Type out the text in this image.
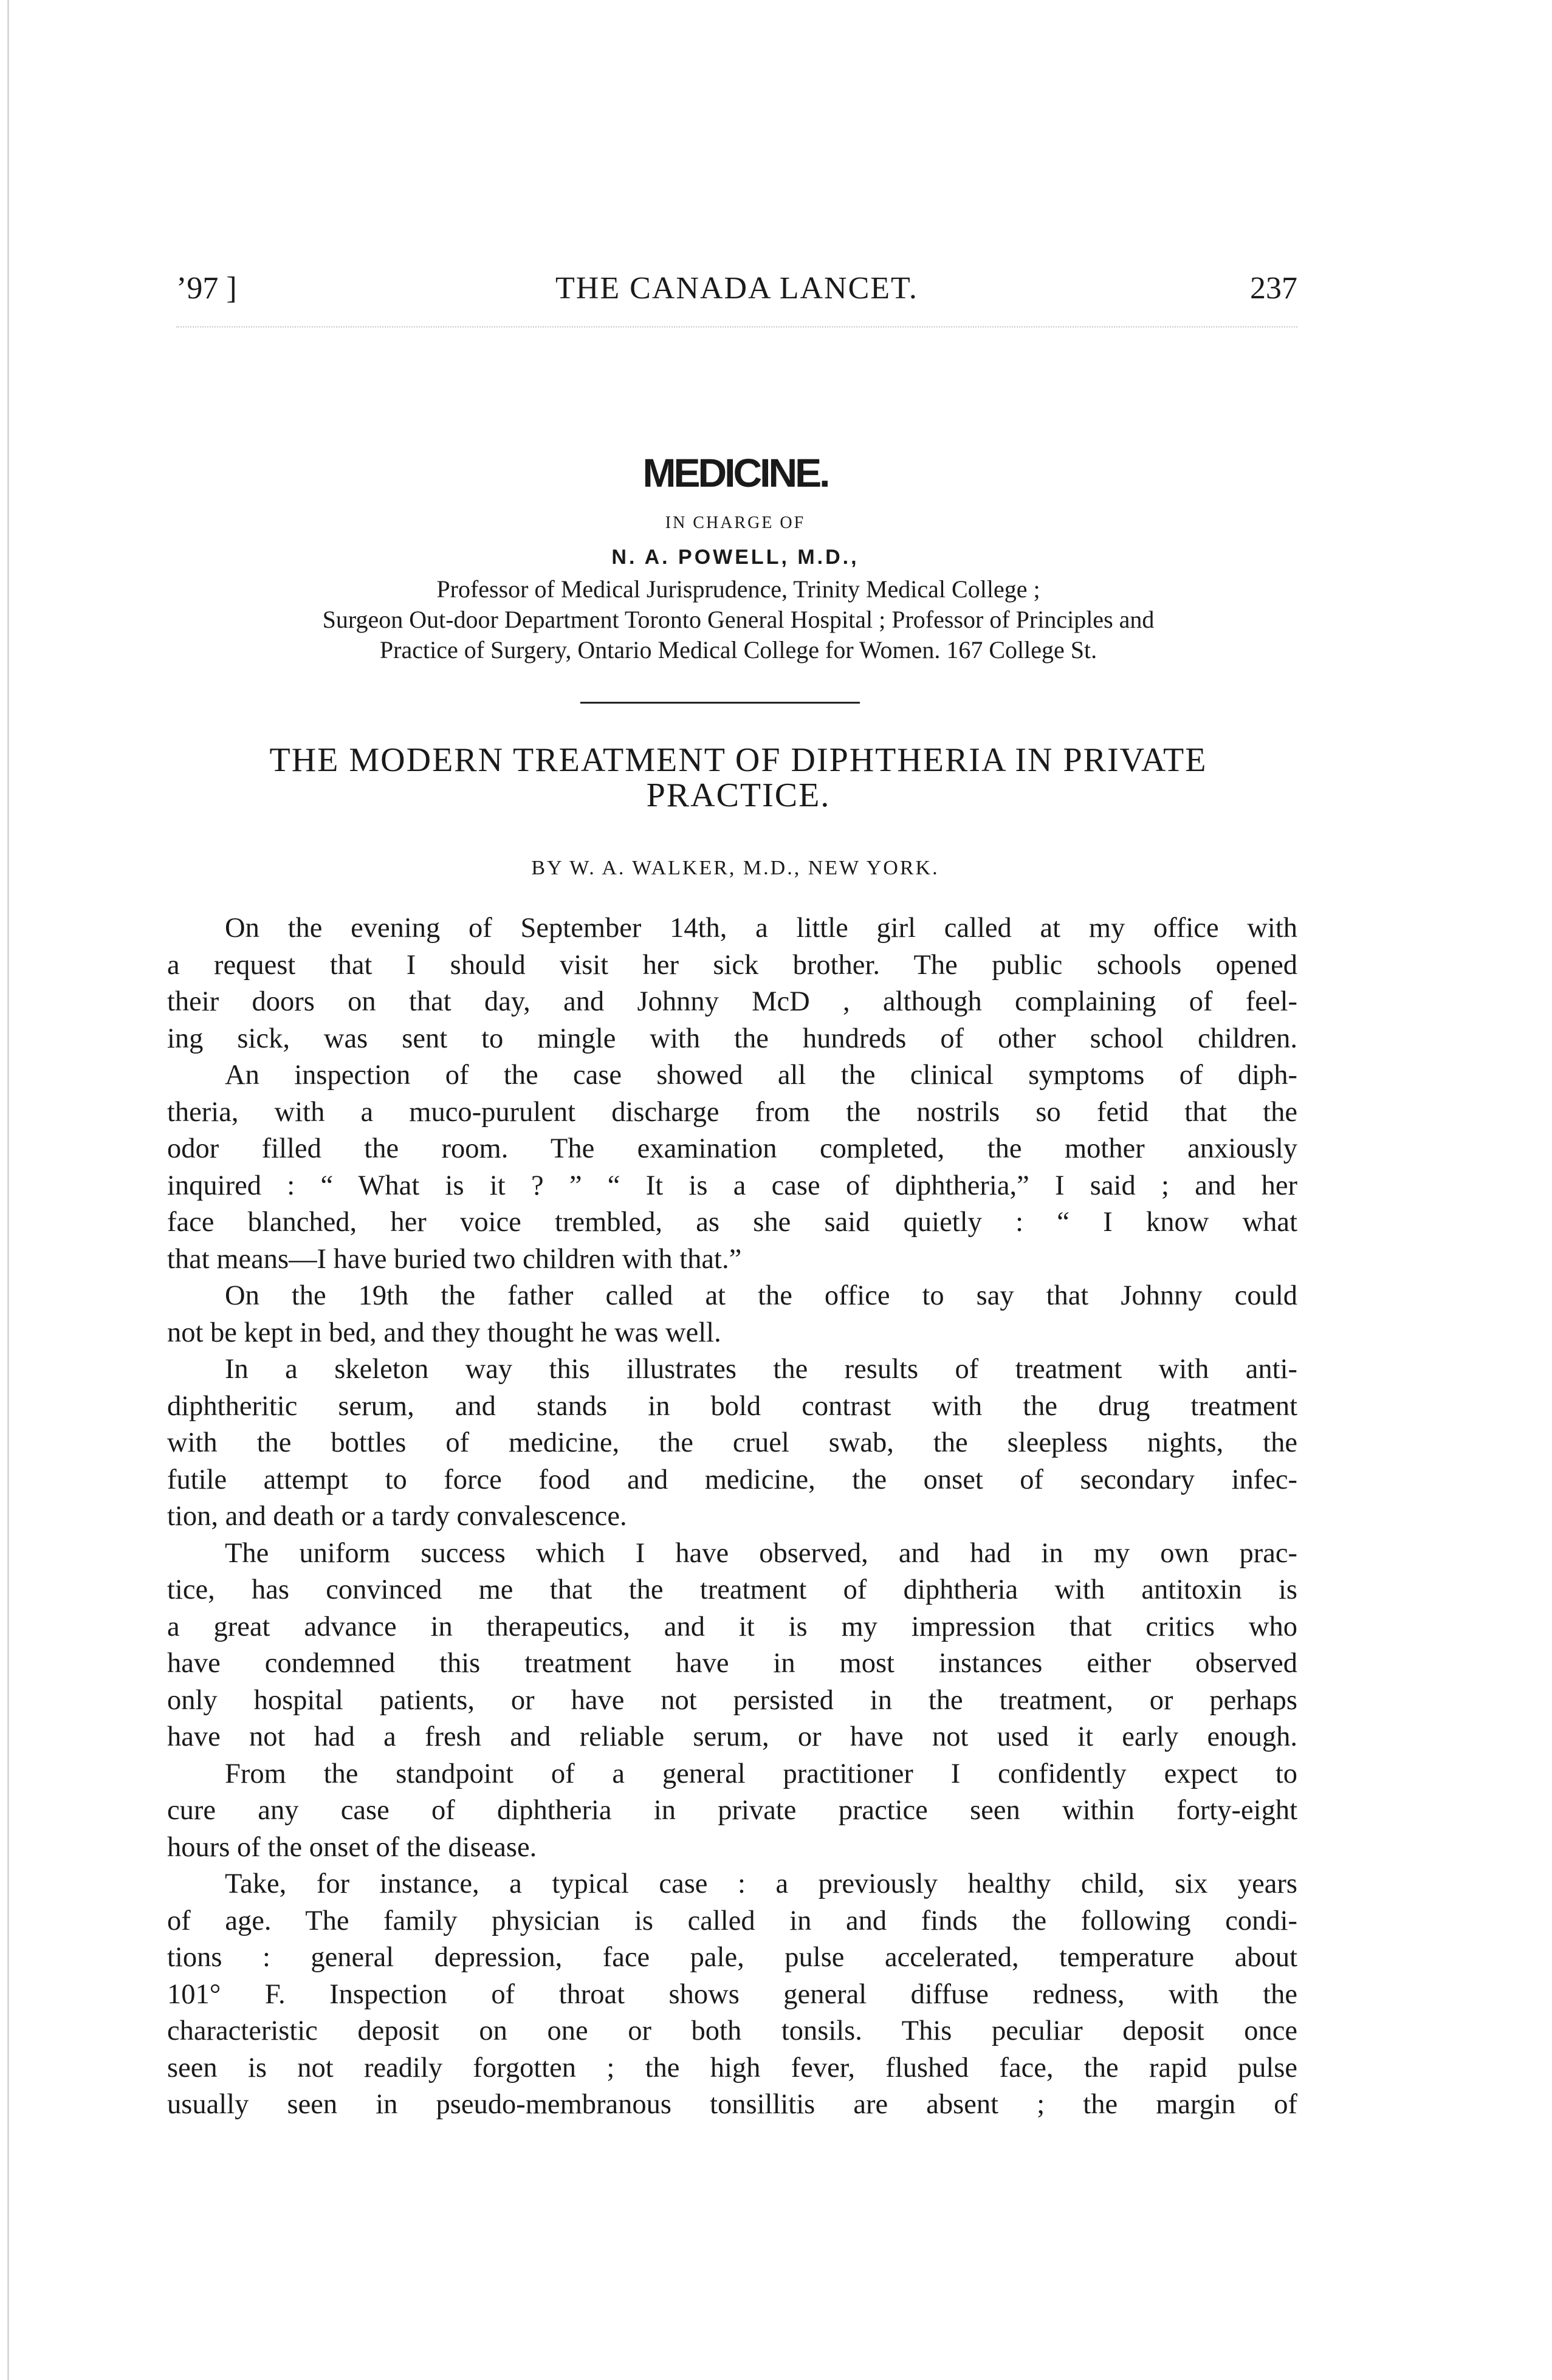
’97 ]	THE CANADA LANCET.	237
MEDICINE.
IN CHARGE OF
N. A. POWELL, M.D.,
Professor of Medical Jurisprudence, Trinity Medical College ;
Surgeon Out-door Department Toronto General Hospital ; Professor of Principles and
Practice of Surgery, Ontario Medical College for Women. 167 College St.
THE MODERN TREATMENT OF DIPHTHERIA IN PRIVATE
PRACTICE.
BY W. A. WALKER, M.D., NEW YORK.
On the evening of September 14th, a little girl called at my office with
a request that I should visit her sick brother. The public schools opened
their doors on that day, and Johnny McD , although complaining of feel-
ing sick, was sent to mingle with the hundreds of other school children.
An inspection of the case showed all the clinical symptoms of diph-
theria, with a muco-purulent discharge from the nostrils so fetid that the
odor filled the room. The examination completed, the mother anxiously
inquired : “ What is it ? ” “ It is a case of diphtheria,” I said ; and her
face blanched, her voice trembled, as she said quietly : “ I know what
that means—I have buried two children with that.”
On the 19th the father called at the office to say that Johnny could
not be kept in bed, and they thought he was well.
In a skeleton way this illustrates the results of treatment with anti-
diphtheritic serum, and stands in bold contrast with the drug treatment
with the bottles of medicine, the cruel swab, the sleepless nights, the
futile attempt to force food and medicine, the onset of secondary infec-
tion, and death or a tardy convalescence.
The uniform success which I have observed, and had in my own prac-
tice, has convinced me that the treatment of diphtheria with antitoxin is
a great advance in therapeutics, and it is my impression that critics who
have condemned this treatment have in most instances either observed
only hospital patients, or have not persisted in the treatment, or perhaps
have not had a fresh and reliable serum, or have not used it early enough.
From the standpoint of a general practitioner I confidently expect to
cure any case of diphtheria in private practice seen within forty-eight
hours of the onset of the disease.
Take, for instance, a typical case : a previously healthy child, six years
of age. The family physician is called in and finds the following condi-
tions : general depression, face pale, pulse accelerated, temperature about
101° F. Inspection of throat shows general diffuse redness, with the
characteristic deposit on one or both tonsils. This peculiar deposit once
seen is not readily forgotten ; the high fever, flushed face, the rapid pulse
usually seen in pseudo-membranous tonsillitis are absent ; the margin of
